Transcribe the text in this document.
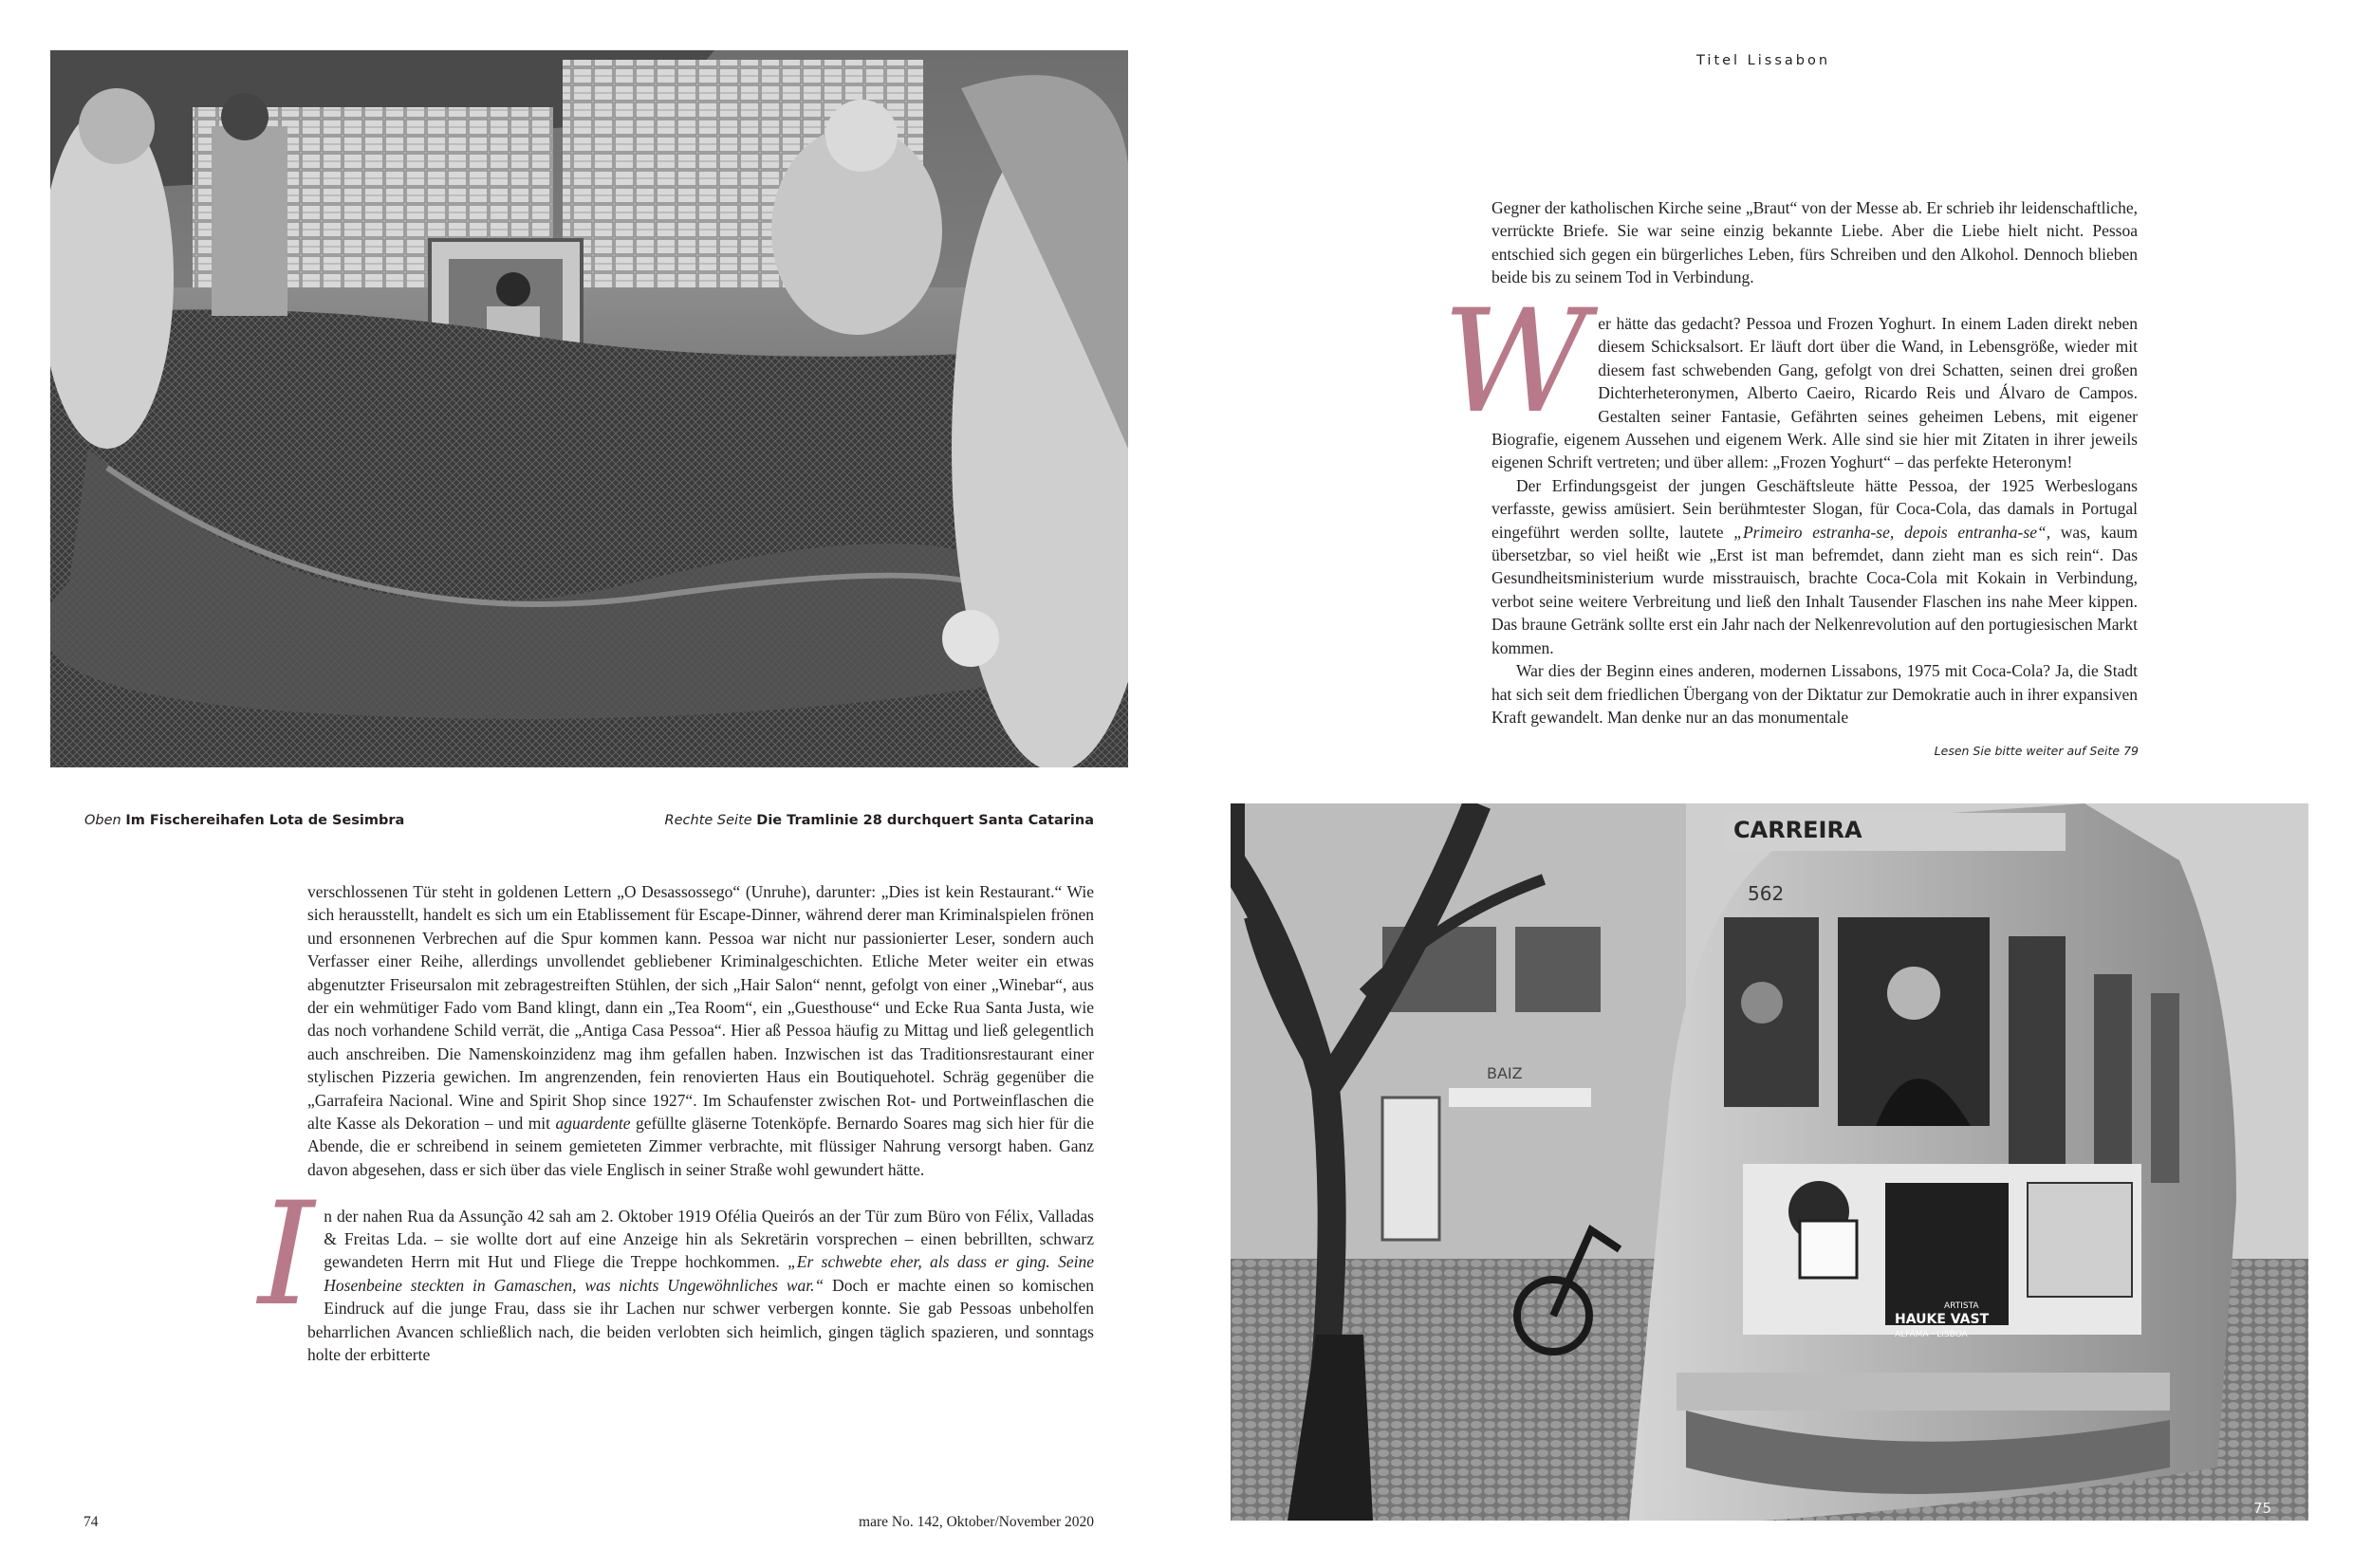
Titel Lissabon
Oben Im Fischereihafen Lota de Sesimbra	Rechte Seite Die Tramlinie 28 durchquert Santa Catarina

verschlossenen Tür steht in goldenen Lettern „O Desassossego“ (Unruhe), darunter: „Dies ist kein Restaurant.“ Wie sich herausstellt, handelt es sich um ein Etablissement für Escape-Dinner, während derer man Kriminalspielen frönen und ersonnenen Verbrechen auf die Spur kommen kann. Pessoa war nicht nur passionierter Leser, sondern auch Verfasser einer Reihe, allerdings unvollendet gebliebener Kriminalgeschichten. Etliche Meter weiter ein etwas abgenutzter Friseursalon mit zebragestreiften Stühlen, der sich „Hair Salon“ nennt, gefolgt von einer „Winebar“, aus der ein wehmütiger Fado vom Band klingt, dann ein „Tea Room“, ein „Guesthouse“ und Ecke Rua Santa Justa, wie das noch vorhandene Schild verrät, die „Antiga Casa Pessoa“. Hier aß Pessoa häufig zu Mittag und ließ gelegentlich auch anschreiben. Die Namenskoinzidenz mag ihm gefallen haben. Inzwischen ist das Traditionsrestaurant einer stylischen Pizzeria gewichen. Im angrenzenden, fein renovierten Haus ein Boutiquehotel. Schräg gegenüber die „Garrafeira Nacional. Wine and Spirit Shop since 1927“. Im Schaufenster zwischen Rot- und Portweinflaschen die alte Kasse als Dekoration – und mit aguardente gefüllte gläserne Totenköpfe. Bernardo Soares mag sich hier für die Abende, die er schreibend in seinem gemieteten Zimmer verbrachte, mit flüssiger Nahrung versorgt haben. Ganz davon abgesehen, dass er sich über das viele Englisch in seiner Straße wohl gewundert hätte.

In der nahen Rua da Assunção 42 sah am 2. Oktober 1919 Ofélia Queirós an der Tür zum Büro von Félix, Valladas & Freitas Lda. – sie wollte dort auf eine Anzeige hin als Sekretärin vorsprechen – einen bebrillten, schwarz gewandeten Herrn mit Hut und Fliege die Treppe hochkommen. „Er schwebte eher, als dass er ging. Seine Hosenbeine steckten in Gamaschen, was nichts Ungewöhnliches war.“ Doch er machte einen so komischen Eindruck auf die junge Frau, dass sie ihr Lachen nur schwer verbergen konnte. Sie gab Pessoas unbeholfen beharrlichen Avancen schließlich nach, die beiden verlobten sich heimlich, gingen täglich spazieren, und sonntags holte der erbitterte

Gegner der katholischen Kirche seine „Braut“ von der Messe ab. Er schrieb ihr leidenschaftliche, verrückte Briefe. Sie war seine einzig bekannte Liebe. Aber die Liebe hielt nicht. Pessoa entschied sich gegen ein bürgerliches Leben, fürs Schreiben und den Alkohol. Dennoch blieben beide bis zu seinem Tod in Verbindung.

Wer hätte das gedacht? Pessoa und Frozen Yoghurt. In einem Laden direkt neben diesem Schicksalsort. Er läuft dort über die Wand, in Lebensgröße, wieder mit diesem fast schwebenden Gang, gefolgt von drei Schatten, seinen drei großen Dichterheteronymen, Alberto Caeiro, Ricardo Reis und Álvaro de Campos. Gestalten seiner Fantasie, Gefährten seines geheimen Lebens, mit eigener Biografie, eigenem Aussehen und eigenem Werk. Alle sind sie hier mit Zitaten in ihrer jeweils eigenen Schrift vertreten; und über allem: „Frozen Yoghurt“ – das perfekte Heteronym!

Der Erfindungsgeist der jungen Geschäftsleute hätte Pessoa, der 1925 Werbeslogans verfasste, gewiss amüsiert. Sein berühmtester Slogan, für Coca-Cola, das damals in Portugal eingeführt werden sollte, lautete „Primeiro estranha-se, depois entranha-se“, was, kaum übersetzbar, so viel heißt wie „Erst ist man befremdet, dann zieht man es sich rein“. Das Gesundheitsministerium wurde misstrauisch, brachte Coca-Cola mit Kokain in Verbindung, verbot seine weitere Verbreitung und ließ den Inhalt Tausender Flaschen ins nahe Meer kippen. Das braune Getränk sollte erst ein Jahr nach der Nelkenrevolution auf den portugiesischen Markt kommen.

War dies der Beginn eines anderen, modernen Lissabons, 1975 mit Coca-Cola? Ja, die Stadt hat sich seit dem friedlichen Übergang von der Diktatur zur Demokratie auch in ihrer expansiven Kraft gewandelt. Man denke nur an das monumentale

Lesen Sie bitte weiter auf Seite 79
BAIZ
CARREIRA
562
ARTISTA
HAUKE VAST
ALFAMA · LISBOA
75
74	mare No. 142, Oktober/November 2020
